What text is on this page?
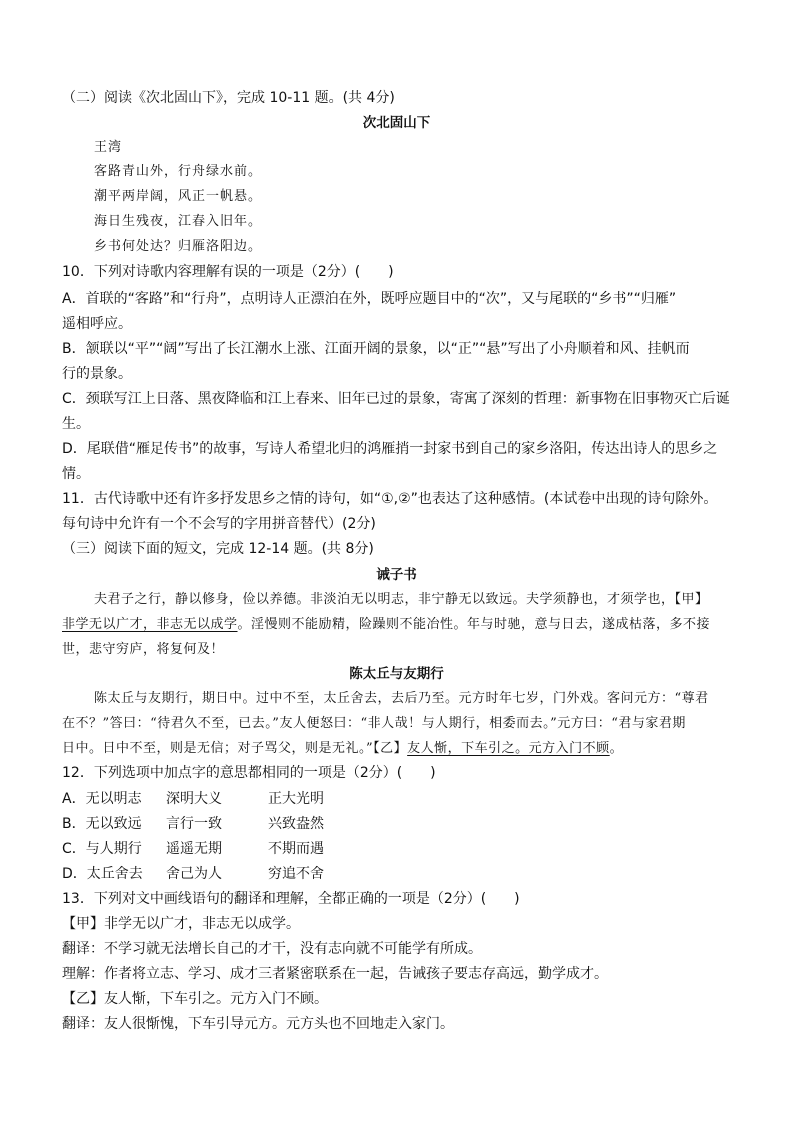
（二）阅读《次北固山下》，完成 10-11 题。(共 4分)
次北固山下
王湾
客路青山外，行舟绿水前。
潮平两岸阔，风正一帆悬。
海日生残夜，江春入旧年。
乡书何处达？归雁洛阳边。
10．下列对诗歌内容理解有误的一项是（2分）(　　)
A．首联的“客路”和“行舟”，点明诗人正漂泊在外，既呼应题目中的“次”，又与尾联的“乡书”“归雁”
遥相呼应。
B．颔联以“平”“阔”写出了长江潮水上涨、江面开阔的景象，以“正”“悬”写出了小舟顺着和风、挂帆而
行的景象。
C．颈联写江上日落、黑夜降临和江上春来、旧年已过的景象，寄寓了深刻的哲理：新事物在旧事物灭亡后诞
生。
D．尾联借“雁足传书”的故事，写诗人希望北归的鸿雁捎一封家书到自己的家乡洛阳，传达出诗人的思乡之
情。
11．古代诗歌中还有许多抒发思乡之情的诗句，如“①,②”也表达了这种感情。(本试卷中出现的诗句除外。
每句诗中允许有一个不会写的字用拼音替代）(2分)
（三）阅读下面的短文，完成 12-14 题。(共 8分)
诫子书
夫君子之行，静以修身，俭以养德。非淡泊无以明志，非宁静无以致远。夫学须静也，才须学也，【甲】
非学无以广才，非志无以成学。淫慢则不能励精，险躁则不能冶性。年与时驰，意与日去，遂成枯落，多不接
世，悲守穷庐，将复何及！
陈太丘与友期行
陈太丘与友期行，期日中。过中不至，太丘舍去，去后乃至。元方时年七岁，门外戏。客问元方：“尊君
在不？”答曰：“待君久不至，已去。”友人便怒曰：“非人哉！与人期行，相委而去。”元方曰：“君与家君期
日中。日中不至，则是无信；对子骂父，则是无礼。”【乙】友人惭，下车引之。元方入门不顾。
12．下列选项中加点字的意思都相同的一项是（2分）(　　)
A．无以明志 深明大义	正大光明
B．无以致远 言行一致	兴致盎然
C．与人期行 遥遥无期	不期而遇
D．太丘舍去 舍己为人	穷追不舍
13．下列对文中画线语句的翻译和理解，全都正确的一项是（2分）(　　)
【甲】非学无以广才，非志无以成学。
翻译：不学习就无法增长自己的才干，没有志向就不可能学有所成。
理解：作者将立志、学习、成才三者紧密联系在一起，告诫孩子要志存高远，勤学成才。
【乙】友人惭，下车引之。元方入门不顾。
翻译：友人很惭愧，下车引导元方。元方头也不回地走入家门。
